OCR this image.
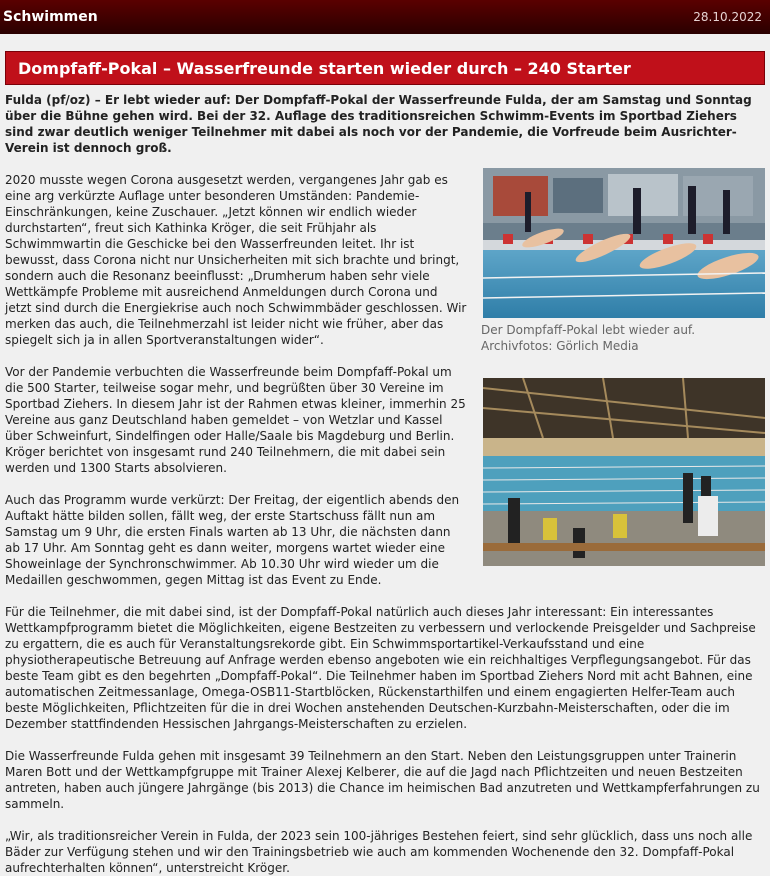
Schwimmen	28.10.2022
Dompfaff-Pokal – Wasserfreunde starten wieder durch – 240 Starter
Fulda (pf/oz) – Er lebt wieder auf: Der Dompfaff-Pokal der Wasserfreunde Fulda, der am Samstag und Sonntag über die Bühne gehen wird. Bei der 32. Auflage des traditionsreichen Schwimm-Events im Sportbad Ziehers sind zwar deutlich weniger Teilnehmer mit dabei als noch vor der Pandemie, die Vorfreude beim Ausrichter-Verein ist dennoch groß.
Der Dompfaff-Pokal lebt wieder auf. Archivfotos: Görlich Media

2020 musste wegen Corona ausgesetzt werden, vergangenes Jahr gab es eine arg verkürzte Auflage unter besonderen Umständen: Pandemie-Einschränkungen, keine Zuschauer. „Jetzt können wir endlich wieder durchstarten“, freut sich Kathinka Kröger, die seit Frühjahr als Schwimmwartin die Geschicke bei den Wasserfreunden leitet. Ihr ist bewusst, dass Corona nicht nur Unsicherheiten mit sich brachte und bringt, sondern auch die Resonanz beeinflusst: „Drumherum haben sehr viele Wettkämpfe Probleme mit ausreichend Anmeldungen durch Corona und jetzt sind durch die Energiekrise auch noch Schwimmbäder geschlossen. Wir merken das auch, die Teilnehmerzahl ist leider nicht wie früher, aber das spiegelt sich ja in allen Sportveranstaltungen wider“.

Vor der Pandemie verbuchten die Wasserfreunde beim Dompfaff-Pokal um die 500 Starter, teilweise sogar mehr, und begrüßten über 30 Vereine im Sportbad Ziehers. In diesem Jahr ist der Rahmen etwas kleiner, immerhin 25 Vereine aus ganz Deutschland haben gemeldet – von Wetzlar und Kassel über Schweinfurt, Sindelfingen oder Halle/Saale bis Magdeburg und Berlin. Kröger berichtet von insgesamt rund 240 Teilnehmern, die mit dabei sein werden und 1300 Starts absolvieren.

Auch das Programm wurde verkürzt: Der Freitag, der eigentlich abends den Auftakt hätte bilden sollen, fällt weg, der erste Startschuss fällt nun am Samstag um 9 Uhr, die ersten Finals warten ab 13 Uhr, die nächsten dann ab 17 Uhr. Am Sonntag geht es dann weiter, morgens wartet wieder eine Showeinlage der Synchronschwimmer. Ab 10.30 Uhr wird wieder um die Medaillen geschwommen, gegen Mittag ist das Event zu Ende.

Für die Teilnehmer, die mit dabei sind, ist der Dompfaff-Pokal natürlich auch dieses Jahr interessant: Ein interessantes Wettkampfprogramm bietet die Möglichkeiten, eigene Bestzeiten zu verbessern und verlockende Preisgelder und Sachpreise zu ergattern, die es auch für Veranstaltungsrekorde gibt. Ein Schwimmsportartikel-Verkaufsstand und eine physiotherapeutische Betreuung auf Anfrage werden ebenso angeboten wie ein reichhaltiges Verpflegungsangebot. Für das beste Team gibt es den begehrten „Dompfaff-Pokal“. Die Teilnehmer haben im Sportbad Ziehers Nord mit acht Bahnen, eine automatischen Zeitmessanlage, Omega-OSB11-Startblöcken, Rückenstarthilfen und einem engagierten Helfer-Team auch beste Möglichkeiten, Pflichtzeiten für die in drei Wochen anstehenden Deutschen-Kurzbahn-Meisterschaften, oder die im Dezember stattfindenden Hessischen Jahrgangs-Meisterschaften zu erzielen.

Die Wasserfreunde Fulda gehen mit insgesamt 39 Teilnehmern an den Start. Neben den Leistungsgruppen unter Trainerin Maren Bott und der Wettkampfgruppe mit Trainer Alexej Kelberer, die auf die Jagd nach Pflichtzeiten und neuen Bestzeiten antreten, haben auch jüngere Jahrgänge (bis 2013) die Chance im heimischen Bad anzutreten und Wettkampferfahrungen zu sammeln.

„Wir, als traditionsreicher Verein in Fulda, der 2023 sein 100-jähriges Bestehen feiert, sind sehr glücklich, dass uns noch alle Bäder zur Verfügung stehen und wir den Trainingsbetrieb wie auch am kommenden Wochenende den 32. Dompfaff-Pokal aufrechterhalten können“, unterstreicht Kröger.
